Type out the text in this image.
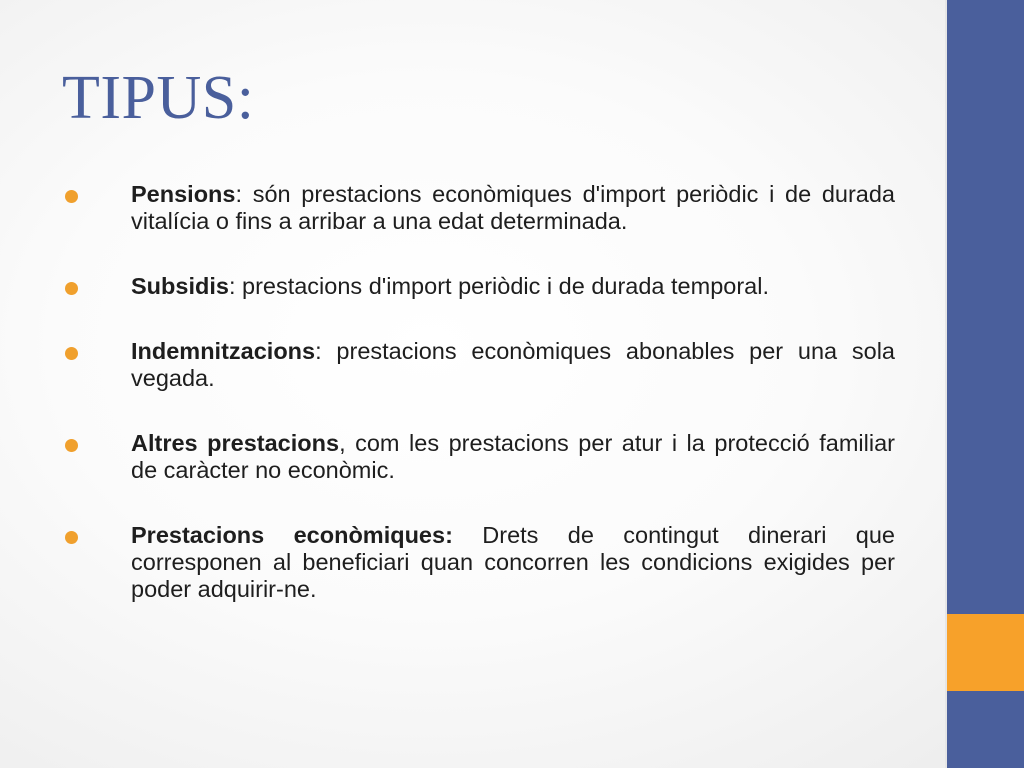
TIPUS:
Pensions: són prestacions econòmiques d'import periòdic i de durada vitalícia o fins a arribar a una edat determinada.
Subsidis: prestacions d'import periòdic i de durada temporal.
Indemnitzacions: prestacions econòmiques abonables per una sola vegada.
Altres prestacions, com les prestacions per atur i la protecció familiar de caràcter no econòmic.
Prestacions econòmiques: Drets de contingut dinerari que corresponen al beneficiari quan concorren les condicions exigides per poder adquirir-ne.
